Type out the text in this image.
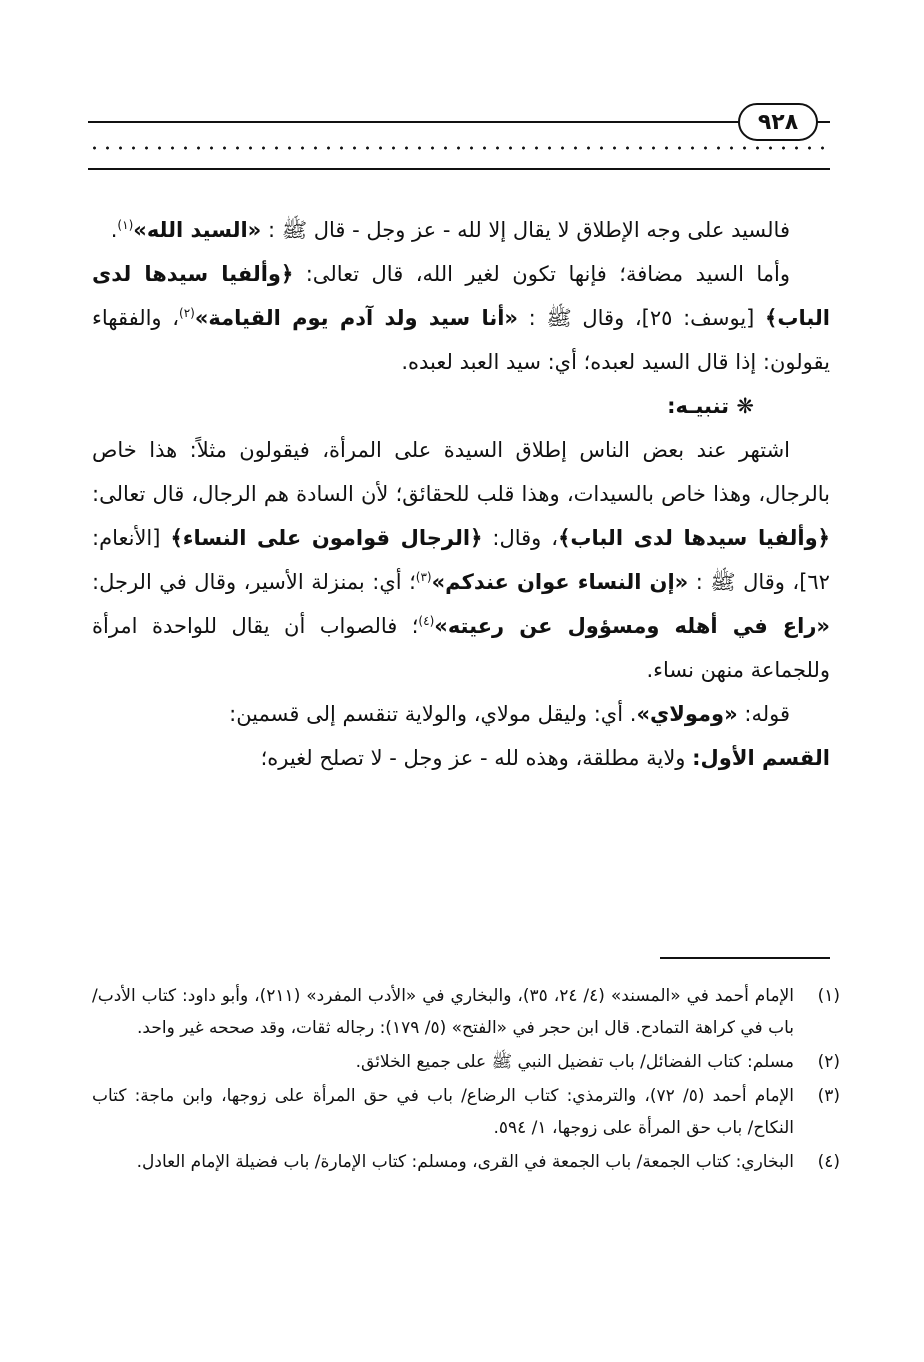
٩٢٨

فالسيد على وجه الإطلاق لا يقال إلا لله - عز وجل - قال ﷺ : «السيد الله»$^{(١)}$.

وأما السيد مضافة؛ فإنها تكون لغير الله، قال تعالى: ﴿وألفيا سيدها لدى الباب﴾ [يوسف: ٢٥]، وقال ﷺ : «أنا سيد ولد آدم يوم القيامة»$^{(٢)}$، والفقهاء يقولون: إذا قال السيد لعبده؛ أي: سيد العبد لعبده.

❋ تنبيـه:

اشتهر عند بعض الناس إطلاق السيدة على المرأة، فيقولون مثلاً: هذا خاص بالرجال، وهذا خاص بالسيدات، وهذا قلب للحقائق؛ لأن السادة هم الرجال، قال تعالى: ﴿وألفيا سيدها لدى الباب﴾، وقال: ﴿الرجال قوامون على النساء﴾ [الأنعام: ٦٢]، وقال ﷺ : «إن النساء عوان عندكم»$^{(٣)}$؛ أي: بمنزلة الأسير، وقال في الرجل: «راع في أهله ومسؤول عن رعيته»$^{(٤)}$؛ فالصواب أن يقال للواحدة امرأة وللجماعة منهن نساء.

قوله: «ومولاي». أي: وليقل مولاي، والولاية تنقسم إلى قسمين:

القسم الأول: ولاية مطلقة، وهذه لله - عز وجل - لا تصلح لغيره؛

(١)
الإمام أحمد في «المسند» (٤/ ٢٤، ٣٥)، والبخاري في «الأدب المفرد» (٢١١)، وأبو داود: كتاب الأدب/ باب في كراهة التمادح. قال ابن حجر في «الفتح» (٥/ ١٧٩): رجاله ثقات، وقد صححه غير واحد.
(٢)
مسلم: كتاب الفضائل/ باب تفضيل النبي ﷺ على جميع الخلائق.
(٣)
الإمام أحمد (٥/ ٧٢)، والترمذي: كتاب الرضاع/ باب في حق المرأة على زوجها، وابن ماجة: كتاب النكاح/ باب حق المرأة على زوجها، ١/ ٥٩٤.
(٤)
البخاري: كتاب الجمعة/ باب الجمعة في القرى، ومسلم: كتاب الإمارة/ باب فضيلة الإمام العادل.
